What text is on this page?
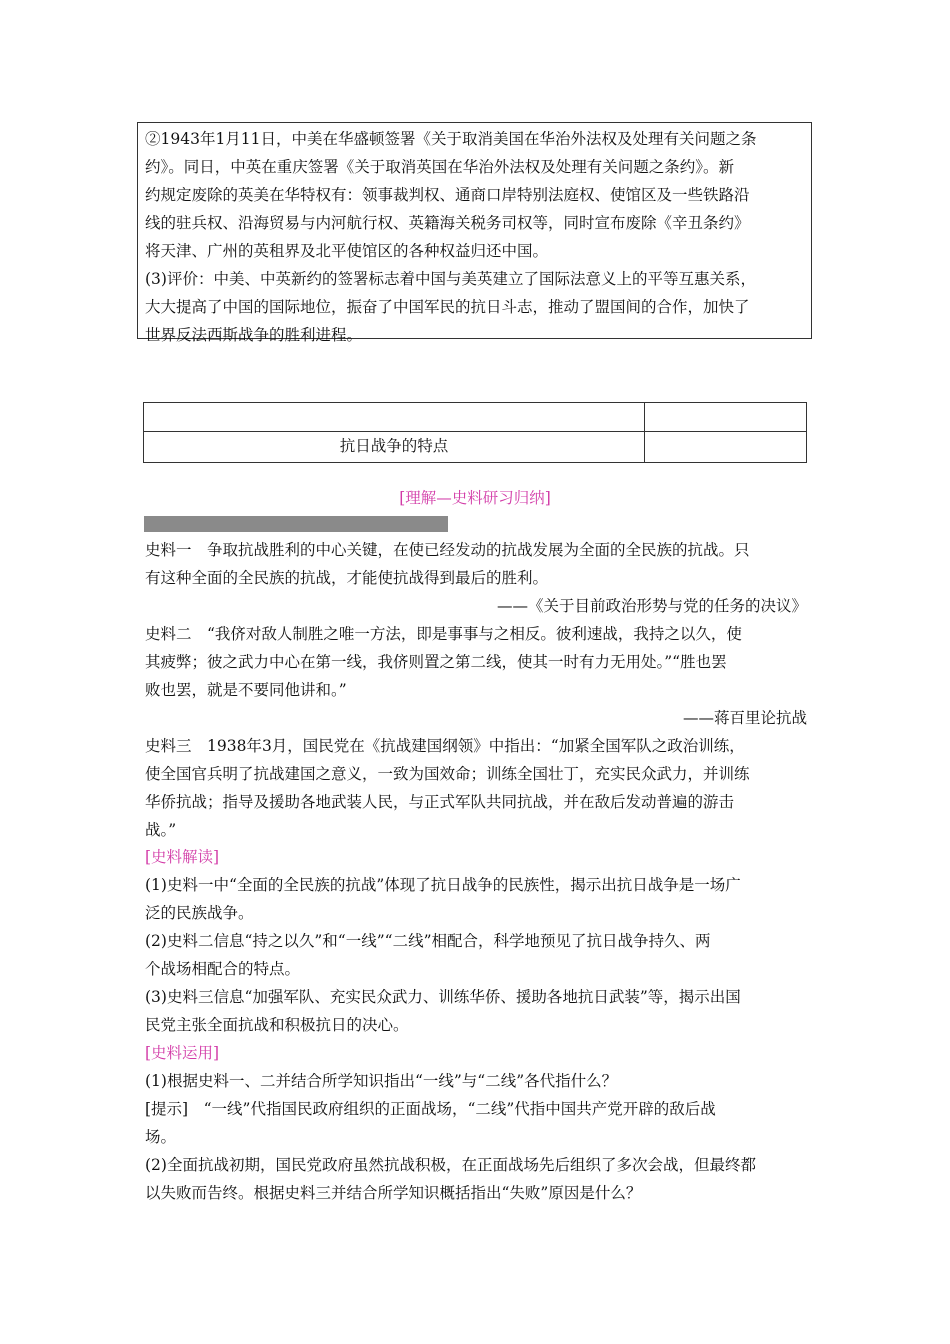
②1943年1月11日，中美在华盛顿签署《关于取消美国在华治外法权及处理有关问题之条
约》。同日，中英在重庆签署《关于取消英国在华治外法权及处理有关问题之条约》。新
约规定废除的英美在华特权有：领事裁判权、通商口岸特别法庭权、使馆区及一些铁路沿
线的驻兵权、沿海贸易与内河航行权、英籍海关税务司权等，同时宣布废除《辛丑条约》
将天津、广州的英租界及北平使馆区的各种权益归还中国。
(3)评价：中美、中英新约的签署标志着中国与美英建立了国际法意义上的平等互惠关系，
大大提高了中国的国际地位，振奋了中国军民的抗日斗志，推动了盟国间的合作，加快了
世界反法西斯战争的胜利进程。
抗日战争的特点
[理解—史料研习归纳]

史料一　争取抗战胜利的中心关键，在使已经发动的抗战发展为全面的全民族的抗战。只

有这种全面的全民族的抗战，才能使抗战得到最后的胜利。

——《关于目前政治形势与党的任务的决议》

史料二　“我侪对敌人制胜之唯一方法，即是事事与之相反。彼利速战，我持之以久，使

其疲弊；彼之武力中心在第一线，我侪则置之第二线，使其一时有力无用处。”“胜也罢

败也罢，就是不要同他讲和。”

——蒋百里论抗战

史料三　1938年3月，国民党在《抗战建国纲领》中指出：“加紧全国军队之政治训练，

使全国官兵明了抗战建国之意义，一致为国效命；训练全国壮丁，充实民众武力，并训练

华侨抗战；指导及援助各地武装人民，与正式军队共同抗战，并在敌后发动普遍的游击

战。”

[史料解读]

(1)史料一中“全面的全民族的抗战”体现了抗日战争的民族性，揭示出抗日战争是一场广

泛的民族战争。

(2)史料二信息“持之以久”和“一线”“二线”相配合，科学地预见了抗日战争持久、两

个战场相配合的特点。

(3)史料三信息“加强军队、充实民众武力、训练华侨、援助各地抗日武装”等，揭示出国

民党主张全面抗战和积极抗日的决心。

[史料运用]

(1)根据史料一、二并结合所学知识指出“一线”与“二线”各代指什么？

[提示]　“一线”代指国民政府组织的正面战场，“二线”代指中国共产党开辟的敌后战

场。

(2)全面抗战初期，国民党政府虽然抗战积极，在正面战场先后组织了多次会战，但最终都

以失败而告终。根据史料三并结合所学知识概括指出“失败”原因是什么？
